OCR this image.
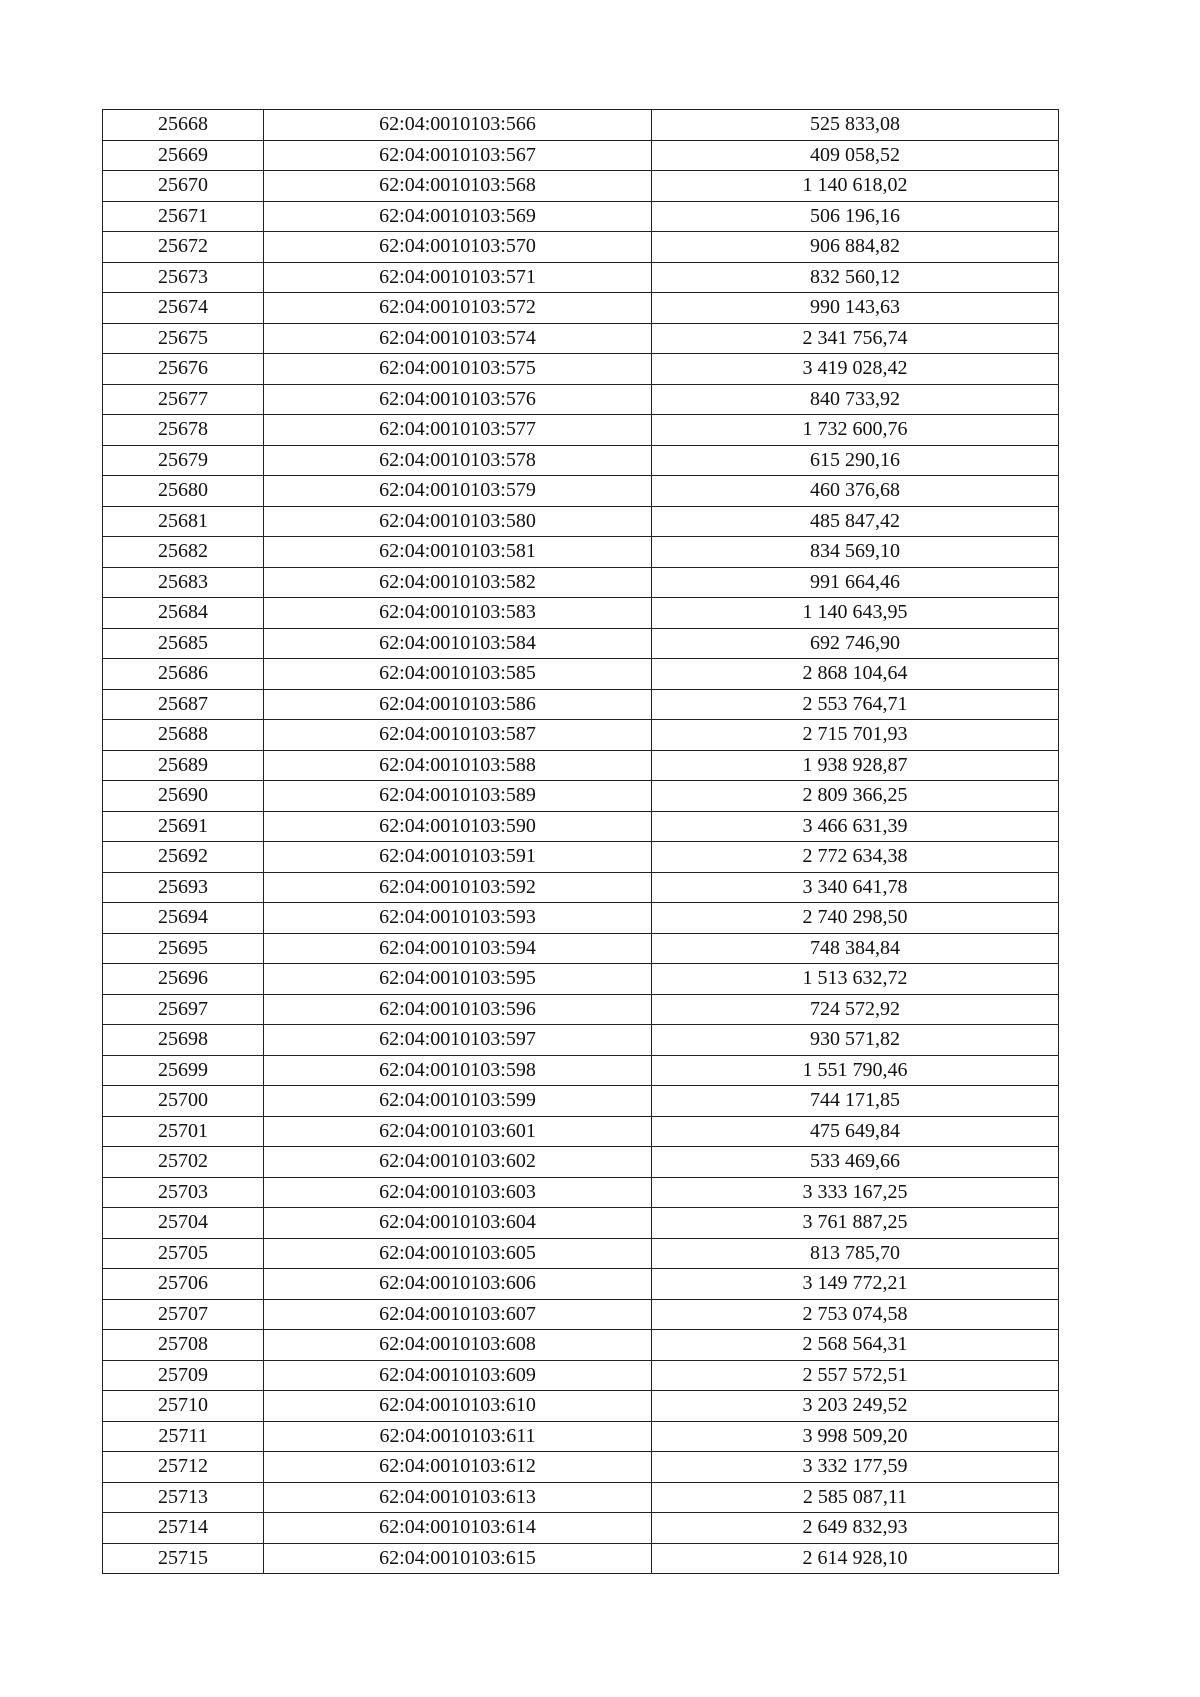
25668	62:04:0010103:566	525 833,08
25669	62:04:0010103:567	409 058,52
25670	62:04:0010103:568	1 140 618,02
25671	62:04:0010103:569	506 196,16
25672	62:04:0010103:570	906 884,82
25673	62:04:0010103:571	832 560,12
25674	62:04:0010103:572	990 143,63
25675	62:04:0010103:574	2 341 756,74
25676	62:04:0010103:575	3 419 028,42
25677	62:04:0010103:576	840 733,92
25678	62:04:0010103:577	1 732 600,76
25679	62:04:0010103:578	615 290,16
25680	62:04:0010103:579	460 376,68
25681	62:04:0010103:580	485 847,42
25682	62:04:0010103:581	834 569,10
25683	62:04:0010103:582	991 664,46
25684	62:04:0010103:583	1 140 643,95
25685	62:04:0010103:584	692 746,90
25686	62:04:0010103:585	2 868 104,64
25687	62:04:0010103:586	2 553 764,71
25688	62:04:0010103:587	2 715 701,93
25689	62:04:0010103:588	1 938 928,87
25690	62:04:0010103:589	2 809 366,25
25691	62:04:0010103:590	3 466 631,39
25692	62:04:0010103:591	2 772 634,38
25693	62:04:0010103:592	3 340 641,78
25694	62:04:0010103:593	2 740 298,50
25695	62:04:0010103:594	748 384,84
25696	62:04:0010103:595	1 513 632,72
25697	62:04:0010103:596	724 572,92
25698	62:04:0010103:597	930 571,82
25699	62:04:0010103:598	1 551 790,46
25700	62:04:0010103:599	744 171,85
25701	62:04:0010103:601	475 649,84
25702	62:04:0010103:602	533 469,66
25703	62:04:0010103:603	3 333 167,25
25704	62:04:0010103:604	3 761 887,25
25705	62:04:0010103:605	813 785,70
25706	62:04:0010103:606	3 149 772,21
25707	62:04:0010103:607	2 753 074,58
25708	62:04:0010103:608	2 568 564,31
25709	62:04:0010103:609	2 557 572,51
25710	62:04:0010103:610	3 203 249,52
25711	62:04:0010103:611	3 998 509,20
25712	62:04:0010103:612	3 332 177,59
25713	62:04:0010103:613	2 585 087,11
25714	62:04:0010103:614	2 649 832,93
25715	62:04:0010103:615	2 614 928,10
